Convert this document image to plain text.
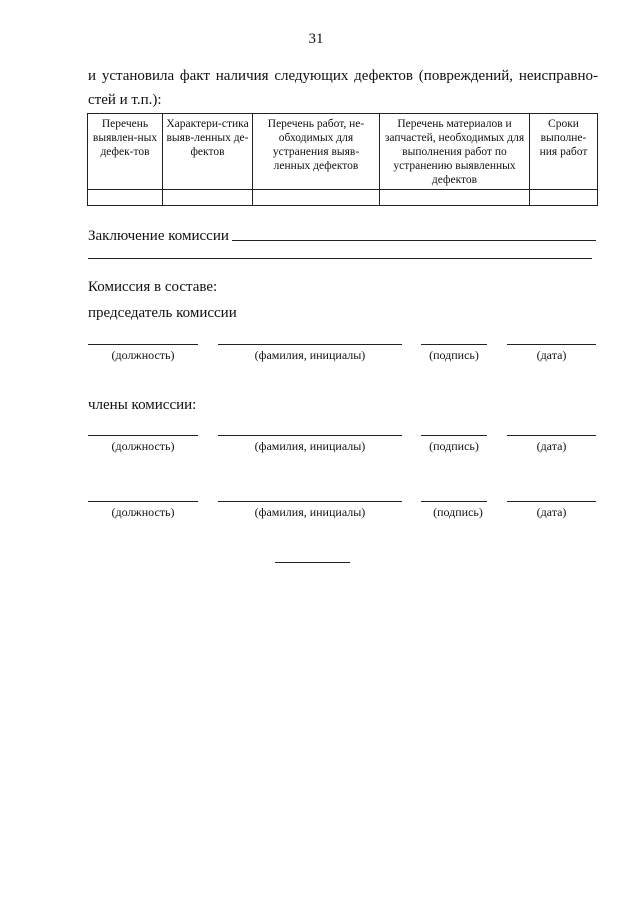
31
и установила факт наличия следующих дефектов (повреждений, неисправно-
стей и т.п.):
Перечень выявлен-ных дефек-тов	Характери-стика выяв-ленных де-фектов	Перечень работ, не-обходимых для устранения выяв-ленных дефектов	Перечень материалов и запчастей, необходимых для выполнения работ по устранению выявленных дефектов	Сроки выполне-ния работ

Заключение комиссии
Комиссия в составе:
председатель комиссии
(должность)	(фамилия, инициалы)	(подпись)	(дата)
члены комиссии:
(должность)	(фамилия, инициалы)	(подпись)	(дата)
(должность)	(фамилия, инициалы)	(подпись)	(дата)
